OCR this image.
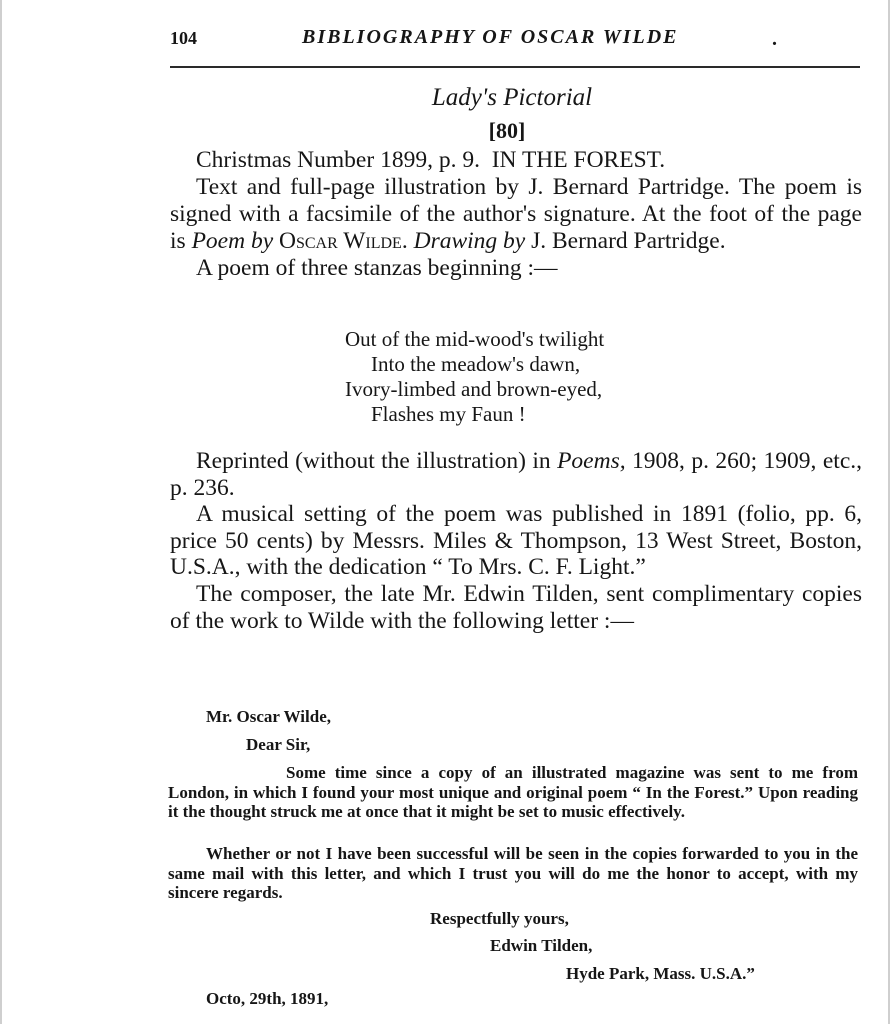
104	BIBLIOGRAPHY OF OSCAR WILDE	.
Lady's Pictorial
[80]

Christmas Number 1899, p. 9. IN THE FOREST.

Text and full-page illustration by J. Bernard Partridge. The poem is signed with a facsimile of the author's signature. At the foot of the page is Poem by Oscar Wilde. Drawing by J. Bernard Partridge.

A poem of three stanzas beginning :—

Out of the mid-wood's twilight
Into the meadow's dawn,
Ivory-limbed and brown-eyed,
Flashes my Faun !

Reprinted (without the illustration) in Poems, 1908, p. 260; 1909, etc., p. 236.

A musical setting of the poem was published in 1891 (folio, pp. 6, price 50 cents) by Messrs. Miles & Thompson, 13 West Street, Boston, U.S.A., with the dedication “ To Mrs. C. F. Light.”

The composer, the late Mr. Edwin Tilden, sent complimentary copies of the work to Wilde with the following letter :—

Mr. Oscar Wilde,
Dear Sir,

Some time since a copy of an illustrated magazine was sent to me from London, in which I found your most unique and original poem “ In the Forest.” Upon reading it the thought struck me at once that it might be set to music effectively.

Whether or not I have been successful will be seen in the copies forwarded to you in the same mail with this letter, and which I trust you will do me the honor to accept, with my sincere regards.

Respectfully yours,
Edwin Tilden,
Hyde Park, Mass. U.S.A.”
Octo, 29th, 1891,
